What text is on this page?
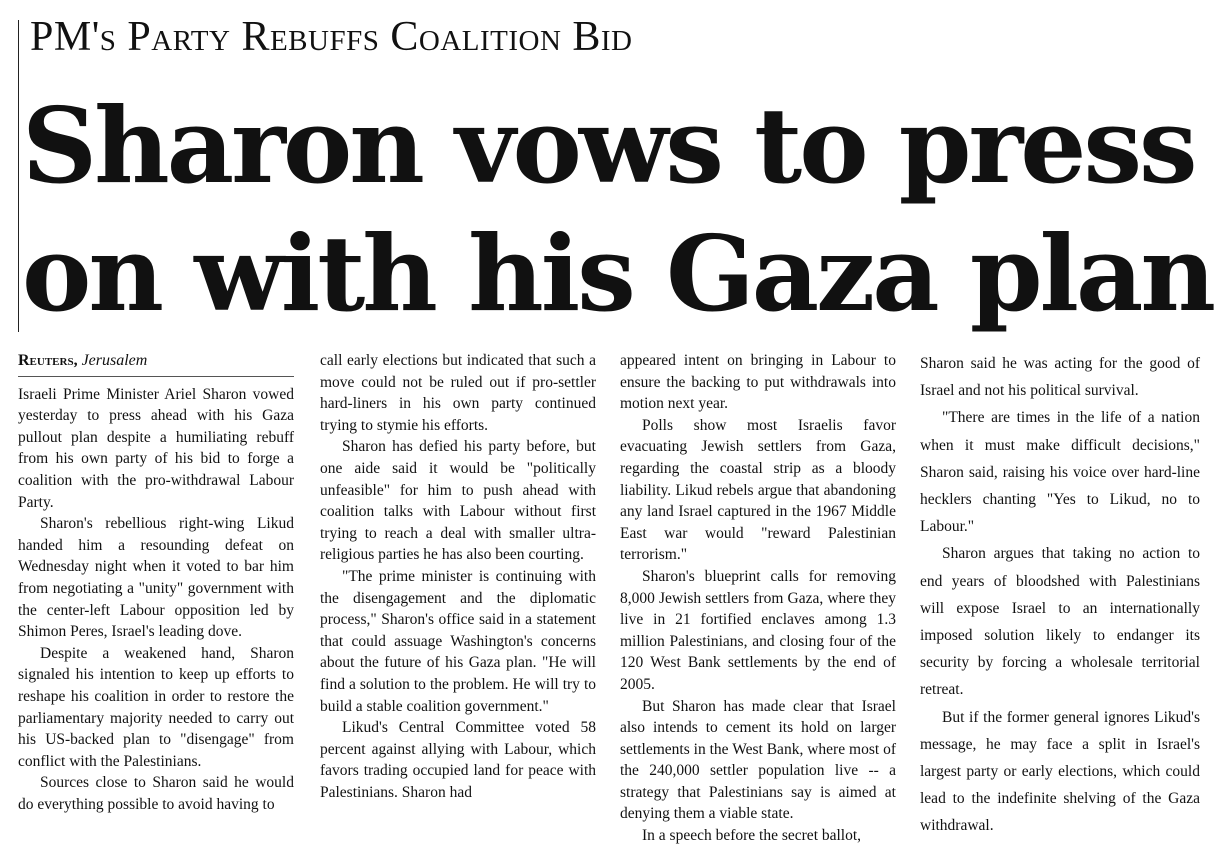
PM's Party Rebuffs Coalition Bid
Sharon vows to press on with his Gaza plan
Reuters, Jerusalem

Israeli Prime Minister Ariel Sharon vowed yesterday to press ahead with his Gaza pullout plan despite a humiliating rebuff from his own party of his bid to forge a coalition with the pro-withdrawal Labour Party.

Sharon's rebellious right-wing Likud handed him a resounding defeat on Wednesday night when it voted to bar him from negotiating a "unity" government with the center-left Labour opposition led by Shimon Peres, Israel's leading dove.

Despite a weakened hand, Sharon signaled his intention to keep up efforts to reshape his coalition in order to restore the parliamentary majority needed to carry out his US-backed plan to "disengage" from conflict with the Palestinians.

Sources close to Sharon said he would do everything possible to avoid having to

call early elections but indicated that such a move could not be ruled out if pro-settler hard-liners in his own party continued trying to stymie his efforts.

Sharon has defied his party before, but one aide said it would be "politically unfeasible" for him to push ahead with coalition talks with Labour without first trying to reach a deal with smaller ultra-religious parties he has also been courting.

"The prime minister is continuing with the disengagement and the diplomatic process," Sharon's office said in a statement that could assuage Washington's concerns about the future of his Gaza plan. "He will find a solution to the problem. He will try to build a stable coalition government."

Likud's Central Committee voted 58 percent against allying with Labour, which favors trading occupied land for peace with Palestinians. Sharon had

appeared intent on bringing in Labour to ensure the backing to put withdrawals into motion next year.

Polls show most Israelis favor evacuating Jewish settlers from Gaza, regarding the coastal strip as a bloody liability. Likud rebels argue that abandoning any land Israel captured in the 1967 Middle East war would "reward Palestinian terrorism."

Sharon's blueprint calls for removing 8,000 Jewish settlers from Gaza, where they live in 21 fortified enclaves among 1.3 million Palestinians, and closing four of the 120 West Bank settlements by the end of 2005.

But Sharon has made clear that Israel also intends to cement its hold on larger settlements in the West Bank, where most of the 240,000 settler population live -- a strategy that Palestinians say is aimed at denying them a viable state.

In a speech before the secret ballot,

Sharon said he was acting for the good of Israel and not his political survival.

"There are times in the life of a nation when it must make difficult decisions," Sharon said, raising his voice over hard-line hecklers chanting "Yes to Likud, no to Labour."

Sharon argues that taking no action to end years of bloodshed with Palestinians will expose Israel to an internationally imposed solution likely to endanger its security by forcing a wholesale territorial retreat.

But if the former general ignores Likud's message, he may face a split in Israel's largest party or early elections, which could lead to the indefinite shelving of the Gaza withdrawal.
